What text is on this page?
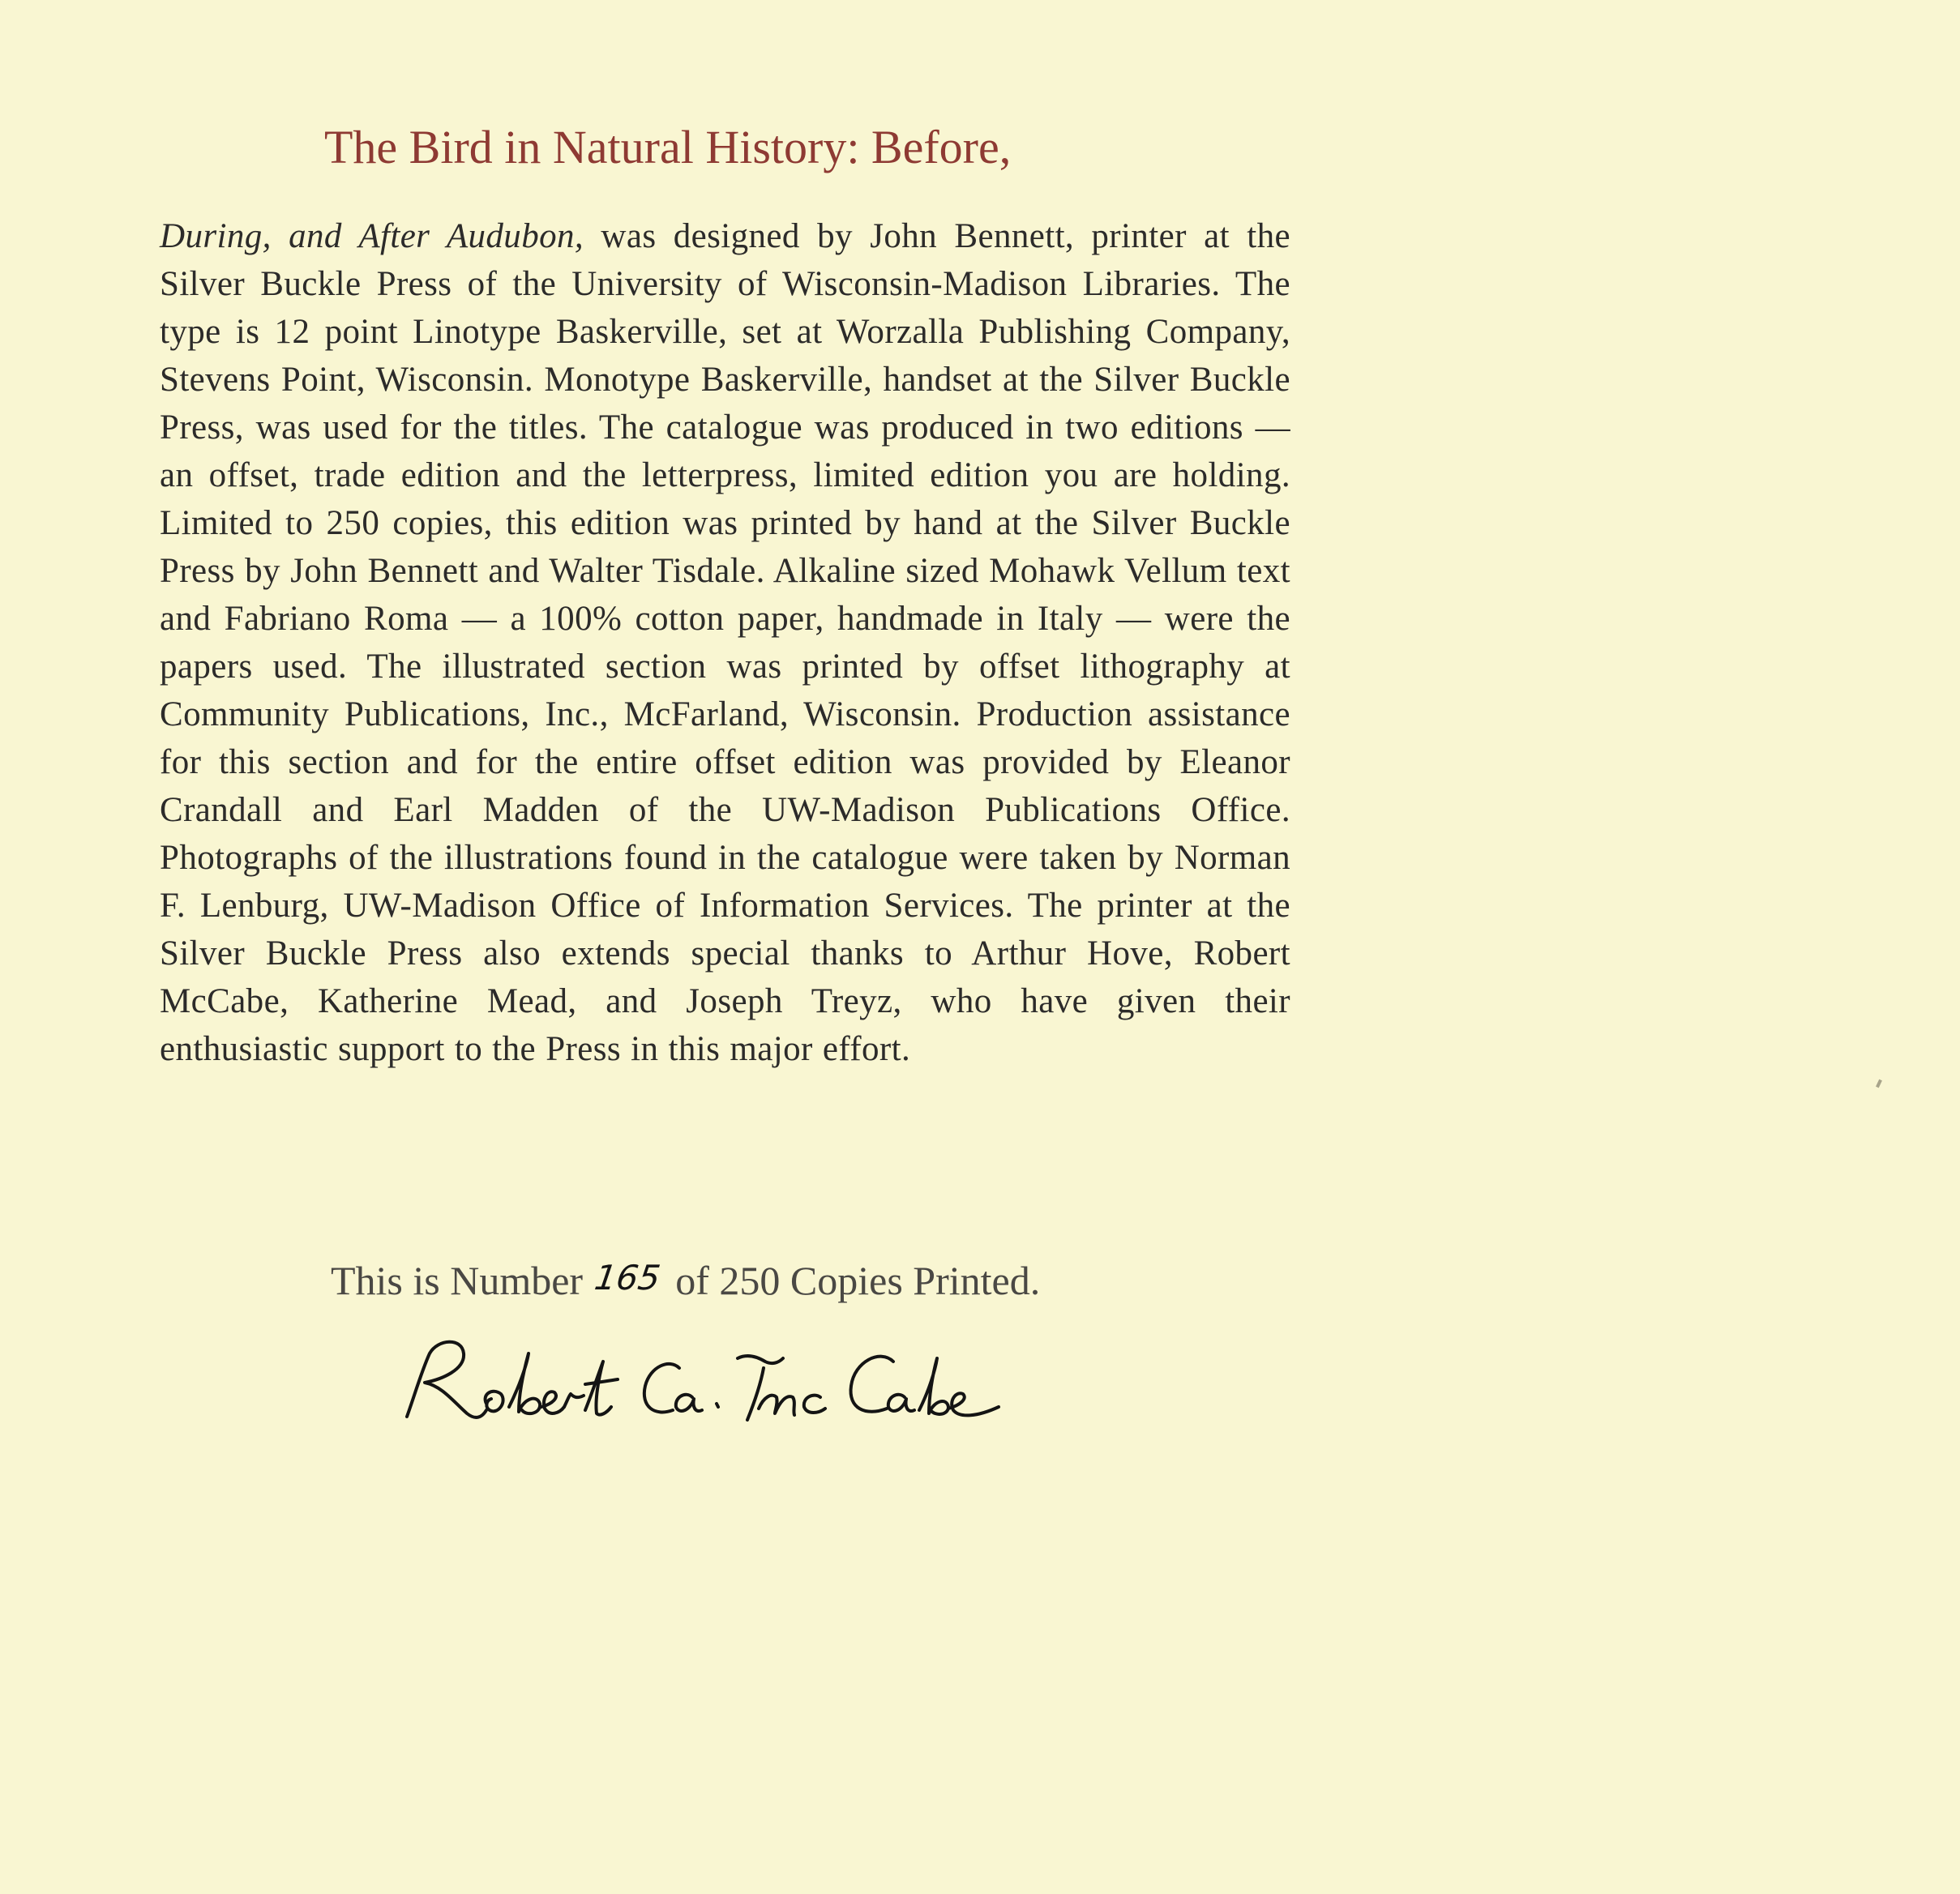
The Bird in Natural History: Before,
During, and After Audubon, was designed by John Bennett, printer at the Silver Buckle Press of the University of Wisconsin-Madison Libraries. The type is 12 point Linotype Baskerville, set at Worzalla Publishing Company, Stevens Point, Wisconsin. Monotype Baskerville, handset at the Silver Buckle Press, was used for the titles. The catalogue was produced in two editions — an offset, trade edition and the letterpress, limited edition you are holding. Limited to 250 copies, this edition was printed by hand at the Silver Buckle Press by John Bennett and Walter Tisdale. Alkaline sized Mohawk Vellum text and Fabriano Roma — a 100% cotton paper, handmade in Italy — were the papers used. The illustrated section was printed by offset lithography at Community Publications, Inc., McFarland, Wisconsin. Production assistance for this section and for the entire offset edition was provided by Eleanor Crandall and Earl Madden of the UW-Madison Publications Office. Photographs of the illustrations found in the catalogue were taken by Norman F. Lenburg, UW-Madison Office of Information Services. The printer at the Silver Buckle Press also extends special thanks to Arthur Hove, Robert McCabe, Katherine Mead, and Joseph Treyz, who have given their enthusiastic support to the Press in this major effort.
This is Number 165 of 250 Copies Printed.
